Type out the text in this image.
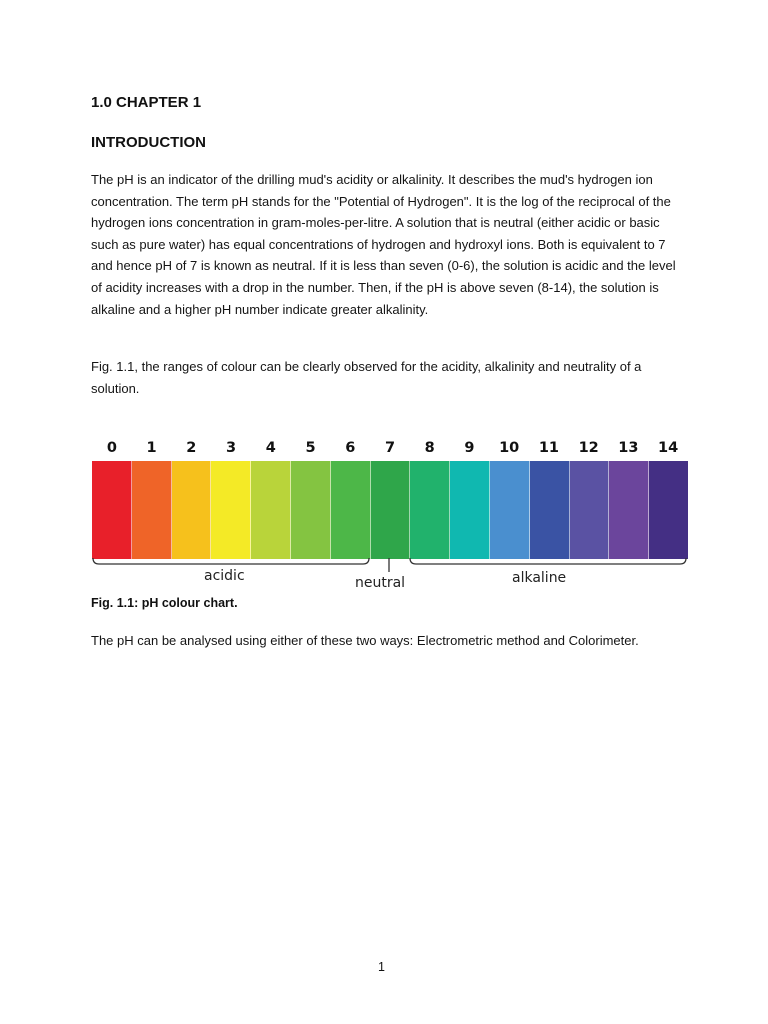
1.0 CHAPTER 1
INTRODUCTION

The pH is an indicator of the drilling mud's acidity or alkalinity. It describes the mud's hydrogen ion concentration. The term pH stands for the "Potential of Hydrogen". It is the log of the reciprocal of the hydrogen ions concentration in gram-moles-per-litre. A solution that is neutral (either acidic or basic such as pure water) has equal concentrations of hydrogen and hydroxyl ions. Both is equivalent to 7 and hence pH of 7 is known as neutral. If it is less than seven (0-6), the solution is acidic and the level of acidity increases with a drop in the number. Then, if the pH is above seven (8-14), the solution is alkaline and a higher pH number indicate greater alkalinity.

Fig. 1.1, the ranges of colour can be clearly observed for the acidity, alkalinity and neutrality of a solution.

0	1	2	3	4	5	6	7	8	9	10	11	12	13	14
acidic	neutral	alkaline

Fig. 1.1: pH colour chart.

The pH can be analysed using either of these two ways: Electrometric method and Colorimeter.

1
